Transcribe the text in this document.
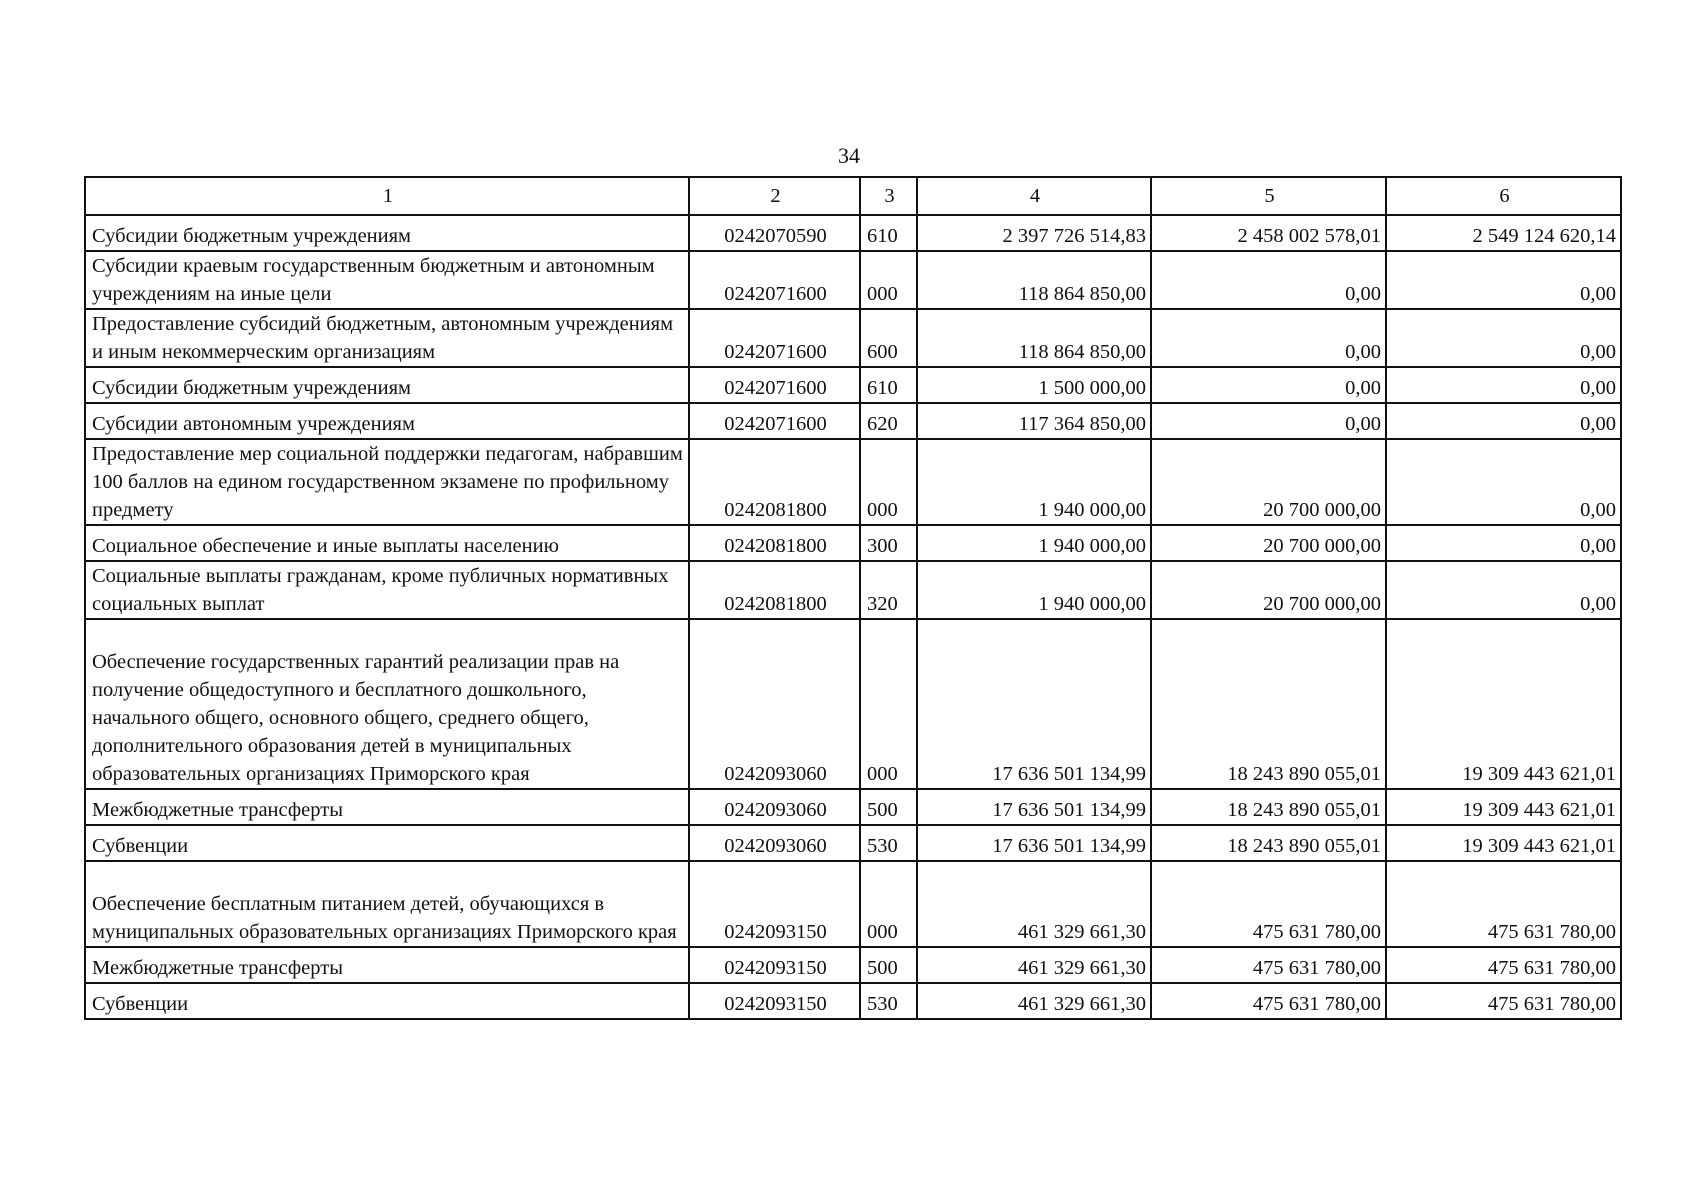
34
1	2	3	4	5	6
Субсидии бюджетным учреждениям	0242070590	610	2 397 726 514,83	2 458 002 578,01	2 549 124 620,14
Субсидии краевым государственным бюджетным и автономным учреждениям на иные цели	0242071600	000	118 864 850,00	0,00	0,00
Предоставление субсидий бюджетным, автономным учреждениям и иным некоммерческим организациям	0242071600	600	118 864 850,00	0,00	0,00
Субсидии бюджетным учреждениям	0242071600	610	1 500 000,00	0,00	0,00
Субсидии автономным учреждениям	0242071600	620	117 364 850,00	0,00	0,00
Предоставление мер социальной поддержки педагогам, набравшим 100 баллов на едином государственном экзамене по профильному предмету	0242081800	000	1 940 000,00	20 700 000,00	0,00
Социальное обеспечение и иные выплаты населению	0242081800	300	1 940 000,00	20 700 000,00	0,00
Социальные выплаты гражданам, кроме публичных нормативных социальных выплат	0242081800	320	1 940 000,00	20 700 000,00	0,00
Обеспечение государственных гарантий реализации прав на получение общедоступного и бесплатного дошкольного, начального общего, основного общего, среднего общего, дополнительного образования детей в муниципальных образовательных организациях Приморского края	0242093060	000	17 636 501 134,99	18 243 890 055,01	19 309 443 621,01
Межбюджетные трансферты	0242093060	500	17 636 501 134,99	18 243 890 055,01	19 309 443 621,01
Субвенции	0242093060	530	17 636 501 134,99	18 243 890 055,01	19 309 443 621,01
Обеспечение бесплатным питанием детей, обучающихся в муниципальных образовательных организациях Приморского края	0242093150	000	461 329 661,30	475 631 780,00	475 631 780,00
Межбюджетные трансферты	0242093150	500	461 329 661,30	475 631 780,00	475 631 780,00
Субвенции	0242093150	530	461 329 661,30	475 631 780,00	475 631 780,00
